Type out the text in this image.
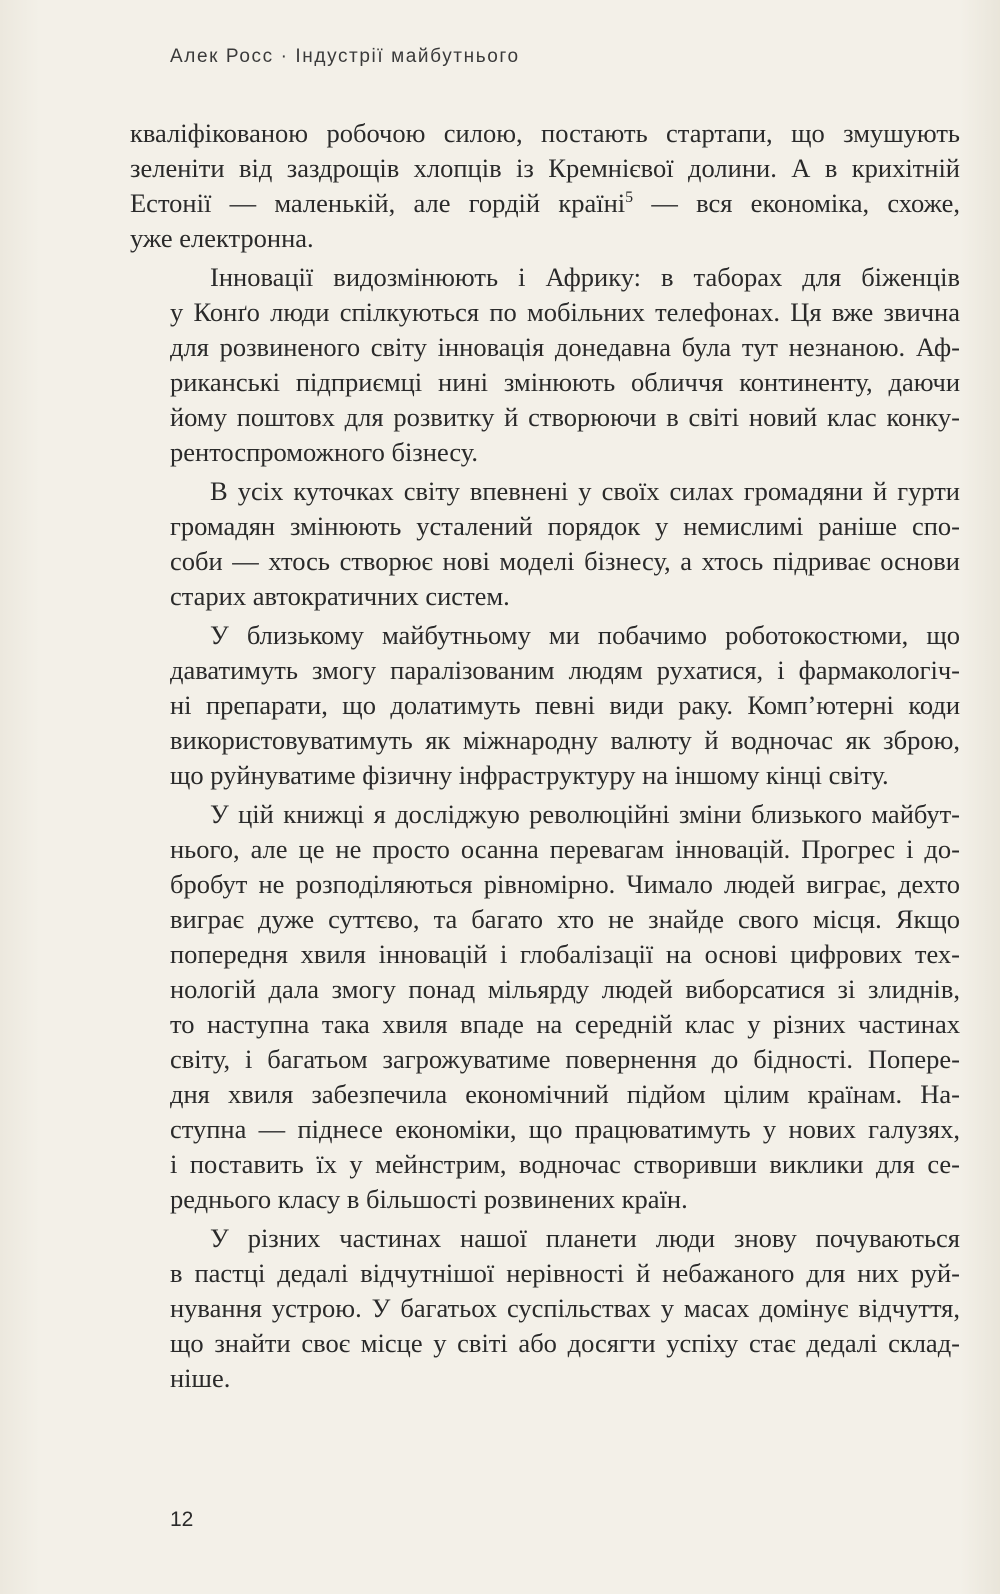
Алек Росс · Індустрії майбутнього
кваліфікованою робочою силою, постають стартапи, що змушують
зеленіти від заздрощів хлопців із Кремнієвої долини. А в крихітній
Естонії — маленькій, але гордій країні$^5$ — вся економіка, схоже,
уже електронна.
Інновації видозмінюють і Африку: в таборах для біженців
у Конґо люди спілкуються по мобільних телефонах. Ця вже звична
для розвиненого світу інновація донедавна була тут незнаною. Аф-
риканські підприємці нині змінюють обличчя континенту, даючи
йому поштовх для розвитку й створюючи в світі новий клас конку-
рентоспроможного бізнесу.
В усіх куточках світу впевнені у своїх силах громадяни й гурти
громадян змінюють усталений порядок у немислимі раніше спо-
соби — хтось створює нові моделі бізнесу, а хтось підриває основи
старих автократичних систем.
У близькому майбутньому ми побачимо роботокостюми, що
даватимуть змогу паралізованим людям рухатися, і фармакологіч-
ні препарати, що долатимуть певні види раку. Комп’ютерні коди
використовуватимуть як міжнародну валюту й водночас як зброю,
що руйнуватиме фізичну інфраструктуру на іншому кінці світу.
У цій книжці я досліджую революційні зміни близького майбут-
нього, але це не просто осанна перевагам інновацій. Прогрес і до-
бробут не розподіляються рівномірно. Чимало людей виграє, дехто
виграє дуже суттєво, та багато хто не знайде свого місця. Якщо
попередня хвиля інновацій і глобалізації на основі цифрових тех-
нологій дала змогу понад мільярду людей виборсатися зі злиднів,
то наступна така хвиля впаде на середній клас у різних частинах
світу, і багатьом загрожуватиме повернення до бідності. Попере-
дня хвиля забезпечила економічний підйом цілим країнам. На-
ступна — піднесе економіки, що працюватимуть у нових галузях,
і поставить їх у мейнстрим, водночас створивши виклики для се-
реднього класу в більшості розвинених країн.
У різних частинах нашої планети люди знову почуваються
в пастці дедалі відчутнішої нерівності й небажаного для них руй-
нування устрою. У багатьох суспільствах у масах домінує відчуття,
що знайти своє місце у світі або досягти успіху стає дедалі склад-
ніше.
12
